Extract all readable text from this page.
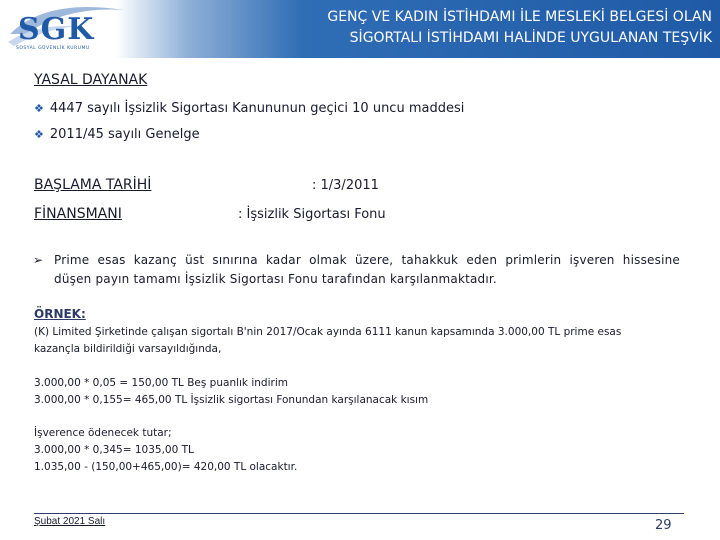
SGK
SOSYAL GÜVENLİK KURUMU
GENÇ VE KADIN İSTİHDAMI İLE MESLEKİ BELGESİ OLAN
SİGORTALI İSTİHDAMI HALİNDE UYGULANAN TEŞVİK
YASAL DAYANAK
❖ 4447 sayılı İşsizlik Sigortası Kanununun geçici 10 uncu maddesi
❖ 2011/45 sayılı Genelge
BAŞLAMA TARİHİ	: 1/3/2011
FİNANSMANI	: İşsizlik Sigortası Fonu
➢ Prime esas kazanç üst sınırına kadar olmak üzere, tahakkuk eden primlerin işveren hissesine
düşen payın tamamı İşsizlik Sigortası Fonu tarafından karşılanmaktadır.
ÖRNEK:
(K) Limited Şirketinde çalışan sigortalı B'nin 2017/Ocak ayında 6111 kanun kapsamında 3.000,00 TL prime esas
kazançla bildirildiği varsayıldığında,
3.000,00 * 0,05 = 150,00 TL Beş puanlık indirim
3.000,00 * 0,155= 465,00 TL İşsizlik sigortası Fonundan karşılanacak kısım
İşverence ödenecek tutar;
3.000,00 * 0,345= 1035,00 TL
1.035,00 - (150,00+465,00)= 420,00 TL olacaktır.
Şubat 2021 Salı	29
